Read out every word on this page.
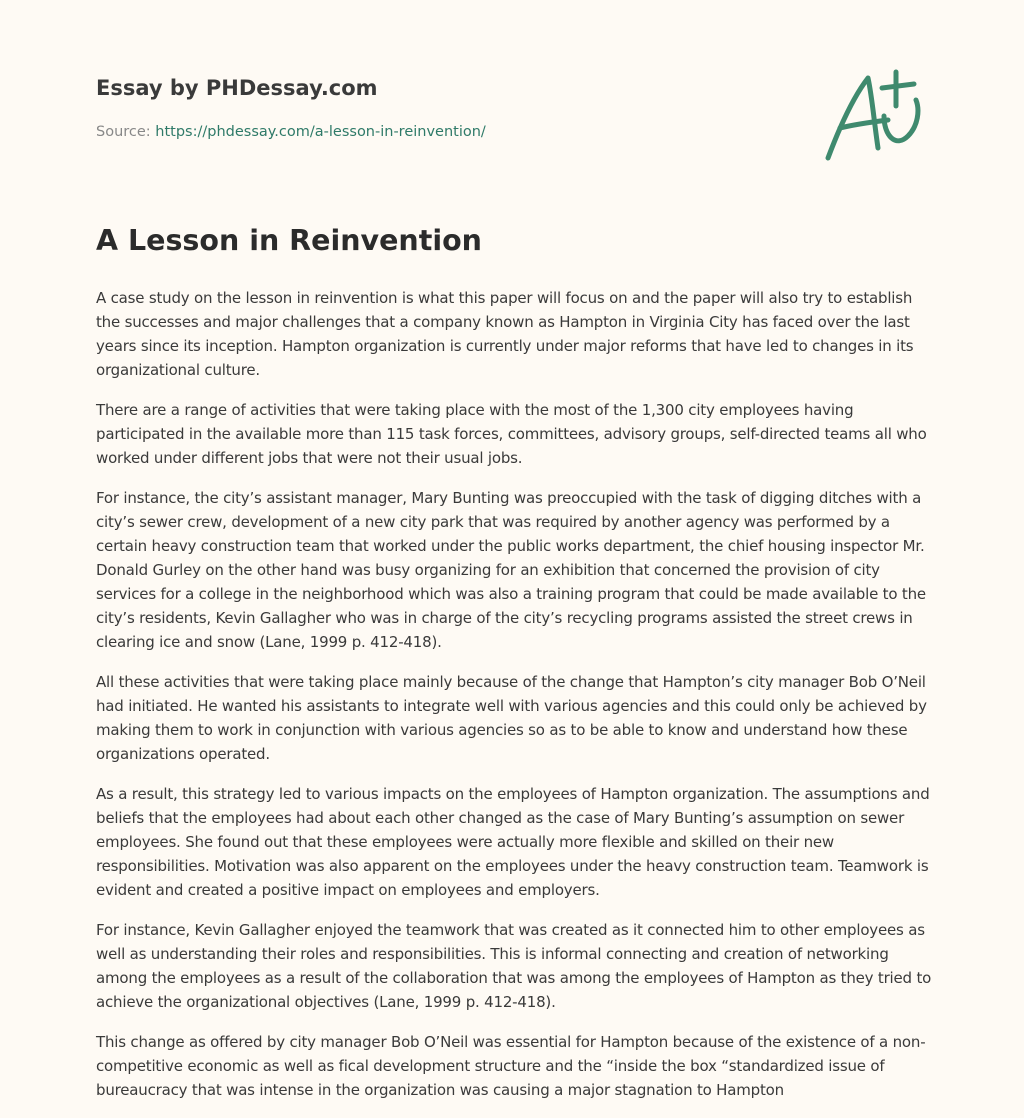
Essay by PHDessay.com
Source: https://phdessay.com/a-lesson-in-reinvention/
A Lesson in Reinvention

A case study on the lesson in reinvention is what this paper will focus on and the paper will also try to establish the successes and major challenges that a company known as Hampton in Virginia City has faced over the last years since its inception. Hampton organization is currently under major reforms that have led to changes in its organizational culture.

There are a range of activities that were taking place with the most of the 1,300 city employees having participated in the available more than 115 task forces, committees, advisory groups, self-directed teams all who worked under different jobs that were not their usual jobs.

For instance, the city’s assistant manager, Mary Bunting was preoccupied with the task of digging ditches with a city’s sewer crew, development of a new city park that was required by another agency was performed by a certain heavy construction team that worked under the public works department, the chief housing inspector Mr. Donald Gurley on the other hand was busy organizing for an exhibition that concerned the provision of city services for a college in the neighborhood which was also a training program that could be made available to the city’s residents, Kevin Gallagher who was in charge of the city’s recycling programs assisted the street crews in clearing ice and snow (Lane, 1999 p. 412-418).

All these activities that were taking place mainly because of the change that Hampton’s city manager Bob O’Neil had initiated. He wanted his assistants to integrate well with various agencies and this could only be achieved by making them to work in conjunction with various agencies so as to be able to know and understand how these organizations operated.

As a result, this strategy led to various impacts on the employees of Hampton organization. The assumptions and beliefs that the employees had about each other changed as the case of Mary Bunting’s assumption on sewer employees. She found out that these employees were actually more flexible and skilled on their new responsibilities. Motivation was also apparent on the employees under the heavy construction team. Teamwork is evident and created a positive impact on employees and employers.

For instance, Kevin Gallagher enjoyed the teamwork that was created as it connected him to other employees as well as understanding their roles and responsibilities. This is informal connecting and creation of networking among the employees as a result of the collaboration that was among the employees of Hampton as they tried to achieve the organizational objectives (Lane, 1999 p. 412-418).

This change as offered by city manager Bob O’Neil was essential for Hampton because of the existence of a non-competitive economic as well as fical development structure and the “inside the box “standardized issue of bureaucracy that was intense in the organization was causing a major stagnation to Hampton
